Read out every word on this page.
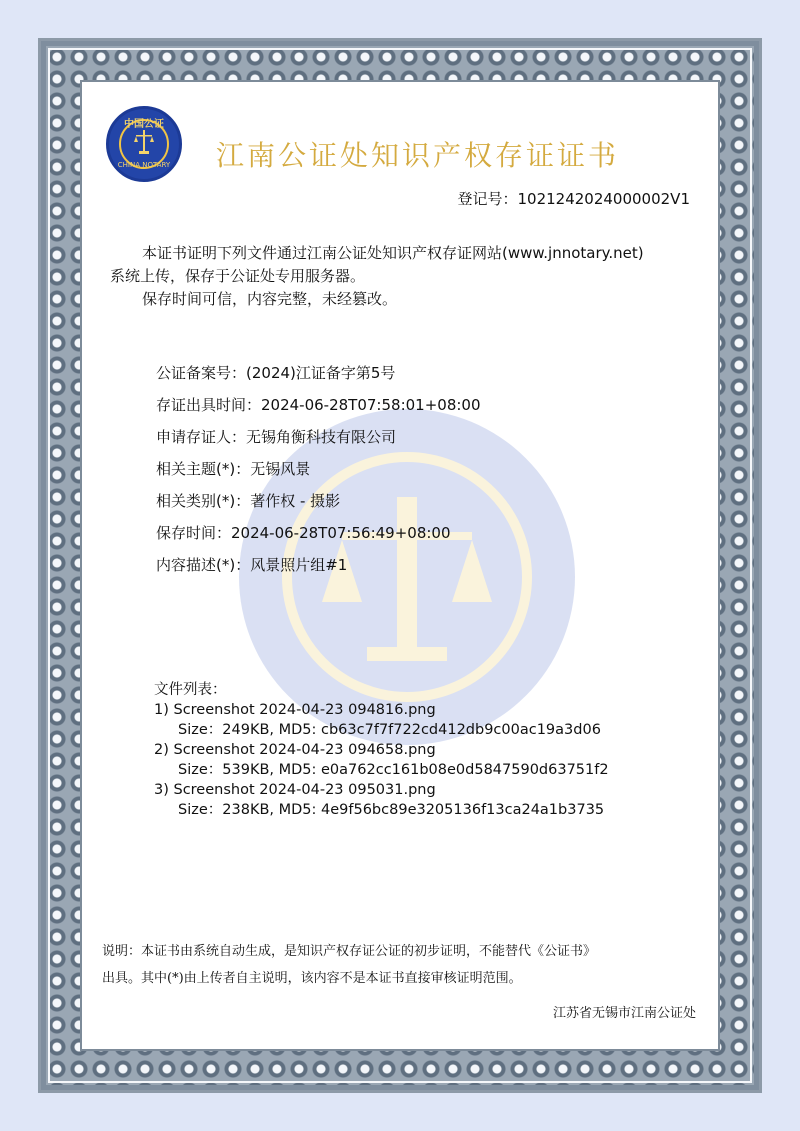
中国公证
CHINA NOTARY	江南公证处知识产权存证证书
登记号：1021242024000002V1
本证书证明下列文件通过江南公证处知识产权存证网站(www.jnnotary.net)
系统上传，保存于公证处专用服务器。
保存时间可信，内容完整，未经篡改。
公证备案号：(2024)江证备字第5号
存证出具时间：2024-06-28T07:58:01+08:00
申请存证人：无锡角衡科技有限公司
相关主题(*)：无锡风景
相关类别(*)：著作权 - 摄影
保存时间：2024-06-28T07:56:49+08:00
内容描述(*)：风景照片组#1
文件列表：
1) Screenshot 2024-04-23 094816.png
Size：249KB, MD5: cb63c7f7f722cd412db9c00ac19a3d06
2) Screenshot 2024-04-23 094658.png
Size：539KB, MD5: e0a762cc161b08e0d5847590d63751f2
3) Screenshot 2024-04-23 095031.png
Size：238KB, MD5: 4e9f56bc89e3205136f13ca24a1b3735
说明：本证书由系统自动生成，是知识产权存证公证的初步证明，不能替代《公证书》
出具。其中(*)由上传者自主说明，该内容不是本证书直接审核证明范围。
江苏省无锡市江南公证处
